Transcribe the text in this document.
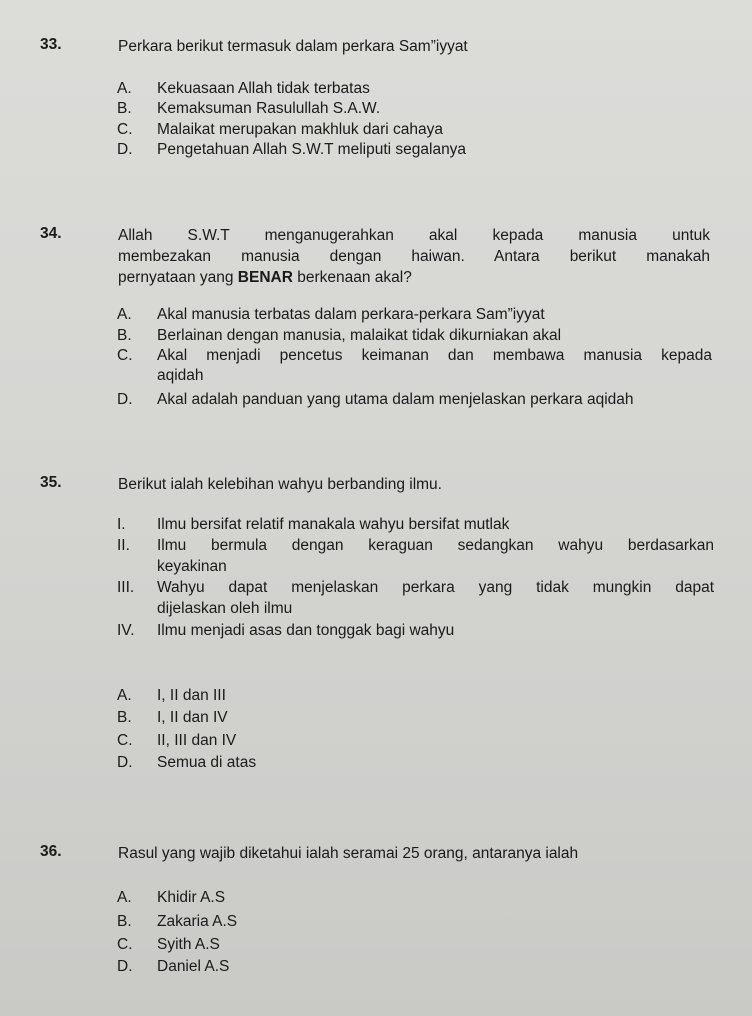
33.	Perkara berikut termasuk dalam perkara Sam”iyyat
A. Kekuasaan Allah tidak terbatas
B. Kemaksuman Rasulullah S.A.W.
C. Malaikat merupakan makhluk dari cahaya
D. Pengetahuan Allah S.W.T meliputi segalanya
34.	Allah S.W.T menganugerahkan akal kepada manusia untuk
membezakan manusia dengan haiwan. Antara berikut manakah
pernyataan yang BENAR berkenaan akal?
A. Akal manusia terbatas dalam perkara-perkara Sam”iyyat
B. Berlainan dengan manusia, malaikat tidak dikurniakan akal
C. Akal menjadi pencetus keimanan dan membawa manusia kepada
aqidah
D. Akal adalah panduan yang utama dalam menjelaskan perkara aqidah
35.	Berikut ialah kelebihan wahyu berbanding ilmu.
I. Ilmu bersifat relatif manakala wahyu bersifat mutlak
II. Ilmu bermula dengan keraguan sedangkan wahyu berdasarkan
keyakinan
III. Wahyu dapat menjelaskan perkara yang tidak mungkin dapat
dijelaskan oleh ilmu
IV. Ilmu menjadi asas dan tonggak bagi wahyu
A. I, II dan III
B. I, II dan IV
C. II, III dan IV
D. Semua di atas
36.	Rasul yang wajib diketahui ialah seramai 25 orang, antaranya ialah
A. Khidir A.S
B. Zakaria A.S
C. Syith A.S
D. Daniel A.S
